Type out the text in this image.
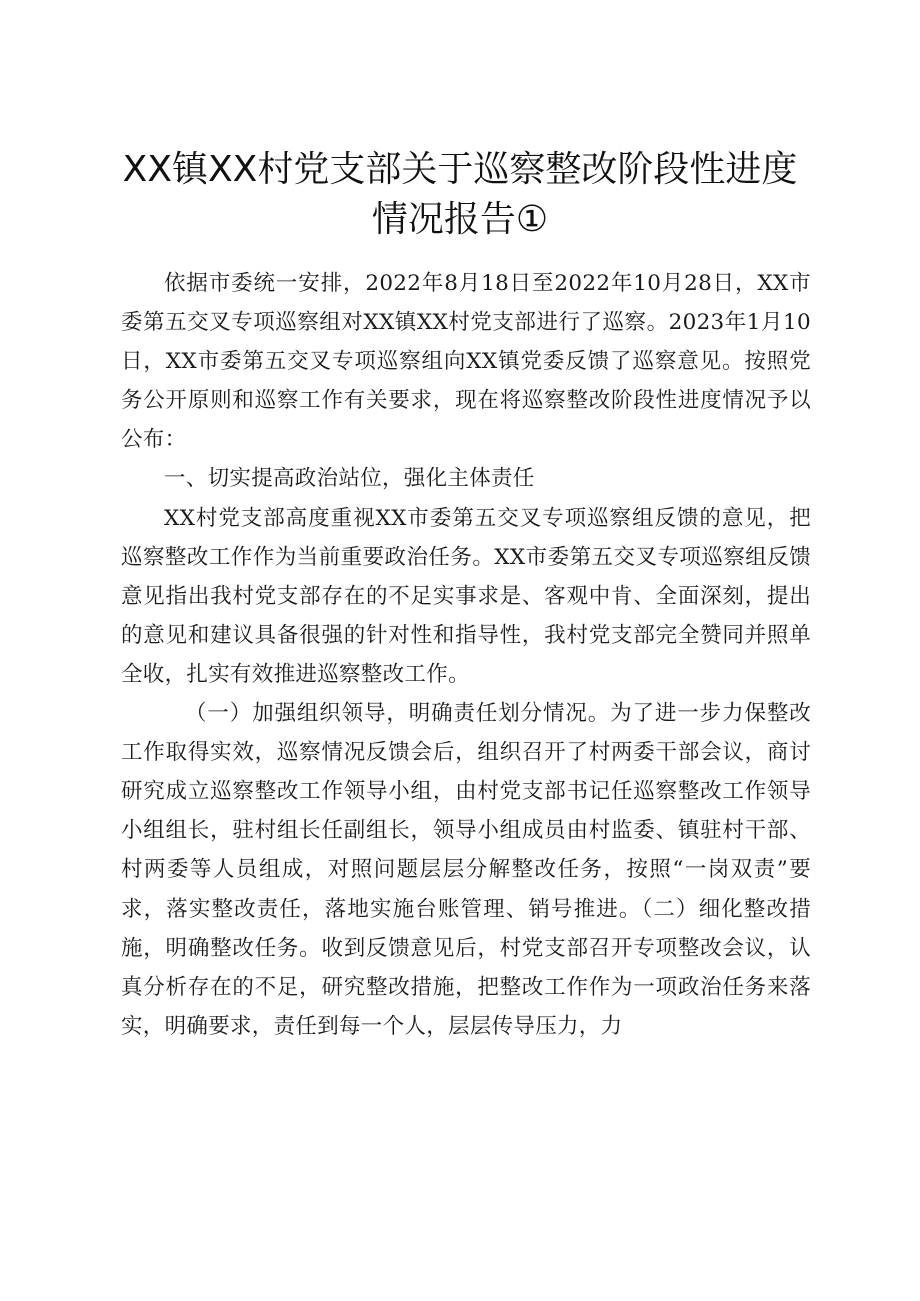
XX镇XX村党支部关于巡察整改阶段性进度
情况报告①

依据市委统一安排，2022年8月18日至2022年10月28日，XX市委第五交叉专项巡察组对XX镇XX村党支部进行了巡察。2023年1月10日，XX市委第五交叉专项巡察组向XX镇党委反馈了巡察意见。按照党务公开原则和巡察工作有关要求，现在将巡察整改阶段性进度情况予以公布：

一、切实提高政治站位，强化主体责任

XX村党支部高度重视XX市委第五交叉专项巡察组反馈的意见，把巡察整改工作作为当前重要政治任务。XX市委第五交叉专项巡察组反馈意见指出我村党支部存在的不足实事求是、客观中肯、全面深刻，提出的意见和建议具备很强的针对性和指导性，我村党支部完全赞同并照单全收，扎实有效推进巡察整改工作。

（一）加强组织领导，明确责任划分情况。为了进一步力保整改工作取得实效，巡察情况反馈会后，组织召开了村两委干部会议，商讨研究成立巡察整改工作领导小组，由村党支部书记任巡察整改工作领导小组组长，驻村组长任副组长，领导小组成员由村监委、镇驻村干部、村两委等人员组成，对照问题层层分解整改任务，按照“一岗双责”要求，落实整改责任，落地实施台账管理、销号推进。（二）细化整改措施，明确整改任务。收到反馈意见后，村党支部召开专项整改会议，认真分析存在的不足，研究整改措施，把整改工作作为一项政治任务来落实，明确要求，责任到每一个人，层层传导压力，力
